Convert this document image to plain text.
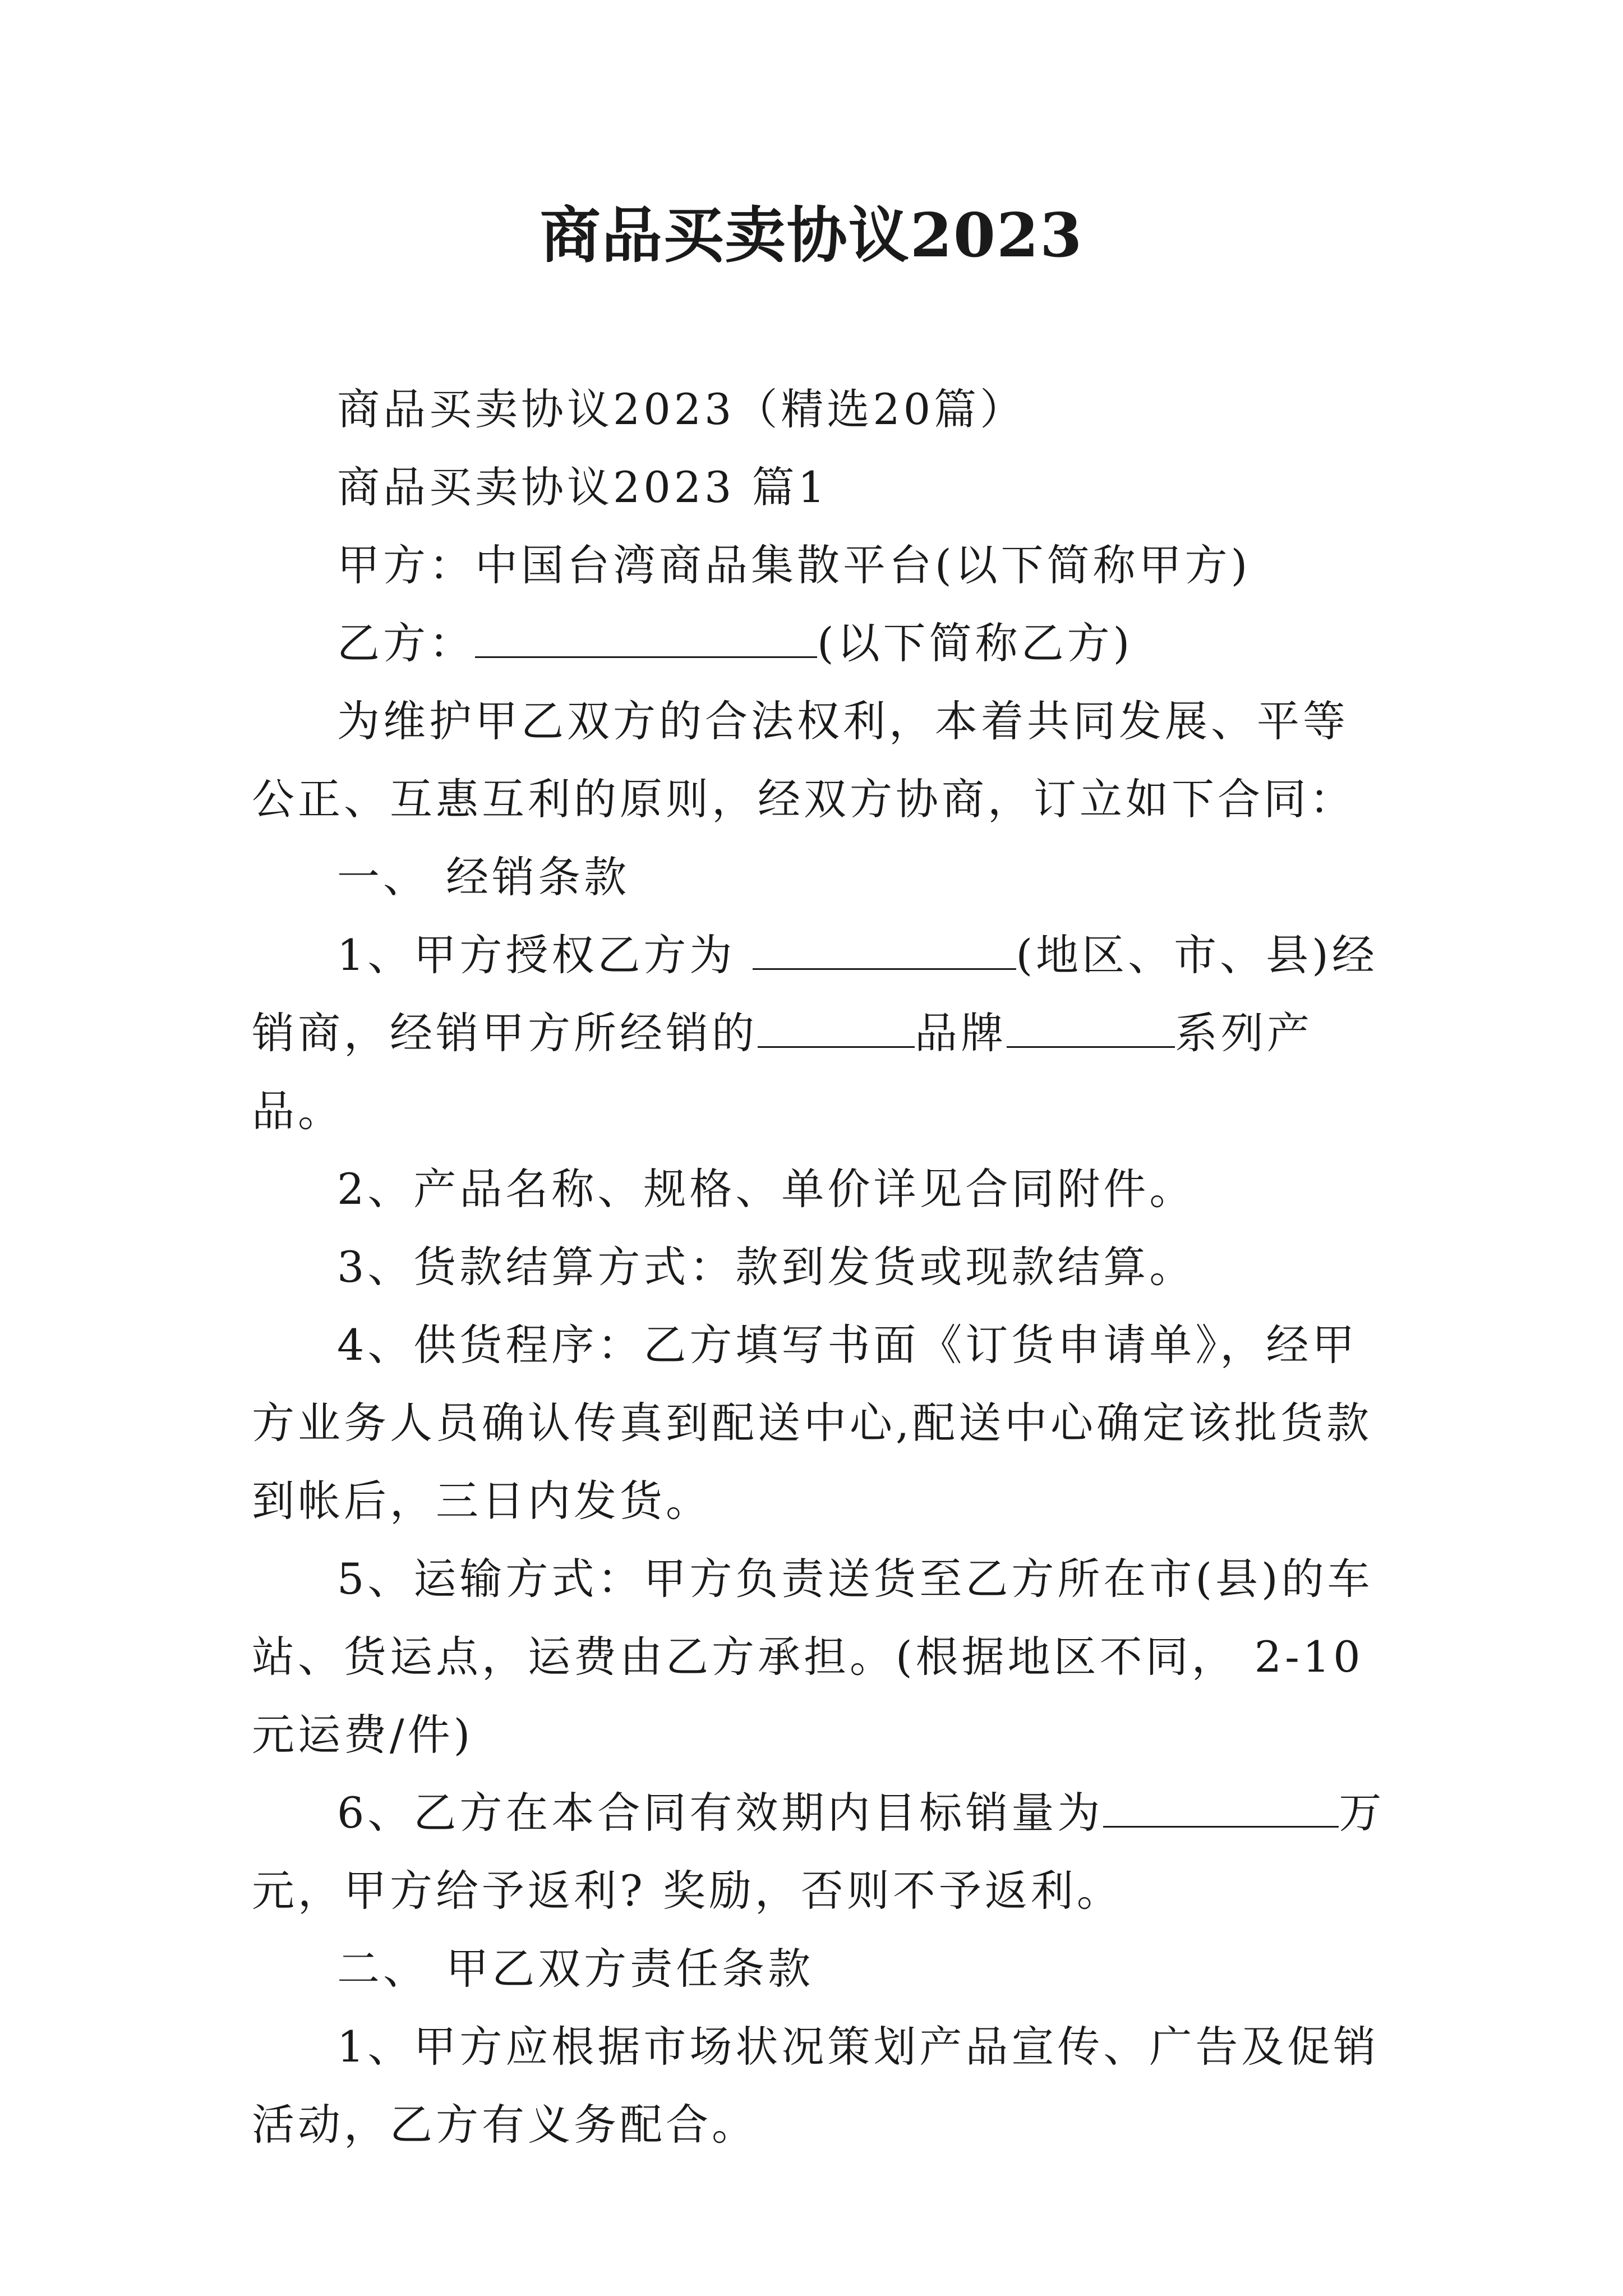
商品买卖协议2023

商品买卖协议2023（精选20篇）

商品买卖协议2023 篇1

甲方：中国台湾商品集散平台(以下简称甲方)

乙方：	(以下简称乙方)

为维护甲乙双方的合法权利，本着共同发展、平等公正、互惠互利的原则，经双方协商，订立如下合同：

一、 经销条款

1、甲方授权乙方为	(地区、市、县)经销商，经销甲方所经销的	品牌	系列产品。

2、产品名称、规格、单价详见合同附件。

3、货款结算方式：款到发货或现款结算。

4、供货程序：乙方填写书面《订货申请单》，经甲方业务人员确认传真到配送中心,配送中心确定该批货款到帐后，三日内发货。

5、运输方式：甲方负责送货至乙方所在市(县)的车站、货运点，运费由乙方承担。(根据地区不同， 2-10元运费/件)

6、乙方在本合同有效期内目标销量为	万元，甲方给予返利? 奖励，否则不予返利。

二、 甲乙双方责任条款

1、甲方应根据市场状况策划产品宣传、广告及促销活动，乙方有义务配合。
